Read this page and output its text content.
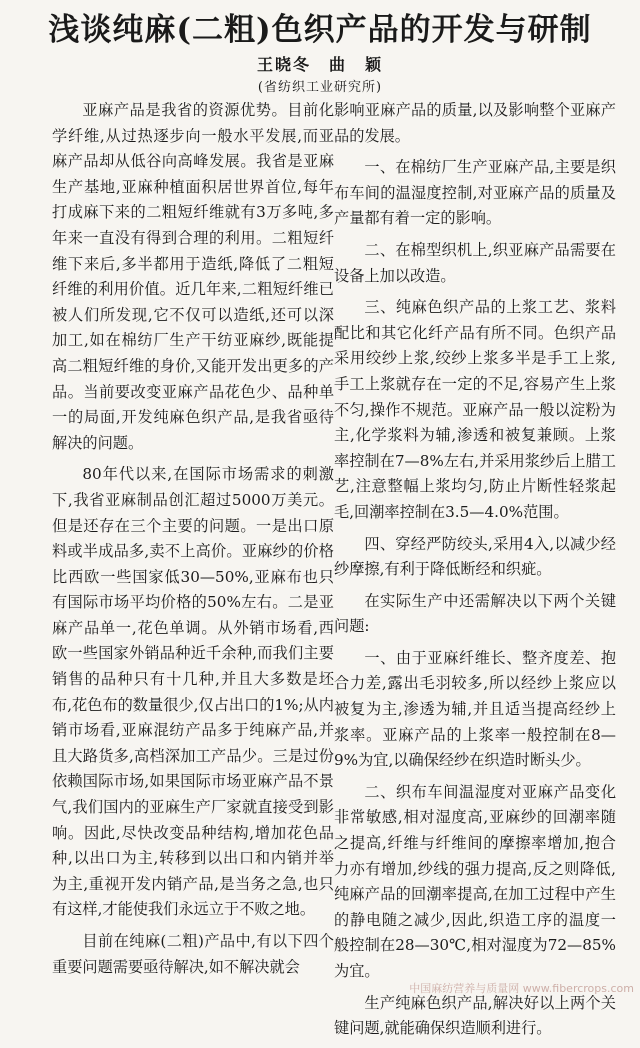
浅谈纯麻(二粗)色织产品的开发与研制
王晓冬　曲　颖
(省纺织工业研究所)

亚麻产品是我省的资源优势。目前化学纤维,从过热逐步向一般水平发展,而亚麻产品却从低谷向高峰发展。我省是亚麻生产基地,亚麻种植面积居世界首位,每年打成麻下来的二粗短纤维就有3万多吨,多年来一直没有得到合理的利用。二粗短纤维下来后,多半都用于造纸,降低了二粗短纤维的利用价值。近几年来,二粗短纤维已被人们所发现,它不仅可以造纸,还可以深加工,如在棉纺厂生产干纺亚麻纱,既能提高二粗短纤维的身价,又能开发出更多的产品。当前要改变亚麻产品花色少、品种单一的局面,开发纯麻色织产品,是我省亟待解决的问题。

80年代以来,在国际市场需求的刺激下,我省亚麻制品创汇超过5000万美元。但是还存在三个主要的问题。一是出口原料或半成品多,卖不上高价。亚麻纱的价格比西欧一些国家低30—50%,亚麻布也只有国际市场平均价格的50%左右。二是亚麻产品单一,花色单调。从外销市场看,西欧一些国家外销品种近千余种,而我们主要销售的品种只有十几种,并且大多数是坯布,花色布的数量很少,仅占出口的1%;从内销市场看,亚麻混纺产品多于纯麻产品,并且大路货多,高档深加工产品少。三是过份依赖国际市场,如果国际市场亚麻产品不景气,我们国内的亚麻生产厂家就直接受到影响。因此,尽快改变品种结构,增加花色品种,以出口为主,转移到以出口和内销并举为主,重视开发内销产品,是当务之急,也只有这样,才能使我们永远立于不败之地。

目前在纯麻(二粗)产品中,有以下四个重要问题需要亟待解决,如不解决就会

影响亚麻产品的质量,以及影响整个亚麻产品的发展。

一、在棉纺厂生产亚麻产品,主要是织布车间的温湿度控制,对亚麻产品的质量及产量都有着一定的影响。

二、在棉型织机上,织亚麻产品需要在设备上加以改造。

三、纯麻色织产品的上浆工艺、浆料配比和其它化纤产品有所不同。色织产品采用绞纱上浆,绞纱上浆多半是手工上浆,手工上浆就存在一定的不足,容易产生上浆不匀,操作不规范。亚麻产品一般以淀粉为主,化学浆料为辅,渗透和被复兼顾。上浆率控制在7—8%左右,并采用浆纱后上腊工艺,注意整幅上浆均匀,防止片断性轻浆起毛,回潮率控制在3.5—4.0%范围。

四、穿经严防绞头,采用4入,以减少经纱摩擦,有利于降低断经和织疵。

在实际生产中还需解决以下两个关键问题:

一、由于亚麻纤维长、整齐度差、抱合力差,露出毛羽较多,所以经纱上浆应以被复为主,渗透为辅,并且适当提高经纱上浆率。亚麻产品的上浆率一般控制在8—9%为宜,以确保经纱在织造时断头少。

二、织布车间温湿度对亚麻产品变化非常敏感,相对湿度高,亚麻纱的回潮率随之提高,纤维与纤维间的摩擦率增加,抱合力亦有增加,纱线的强力提高,反之则降低,纯麻产品的回潮率提高,在加工过程中产生的静电随之减少,因此,织造工序的温度一般控制在28—30℃,相对湿度为72—85%为宜。

生产纯麻色织产品,解决好以上两个关键问题,就能确保织造顺利进行。

中国麻纺营养与质量网 www.fibercrops.com
